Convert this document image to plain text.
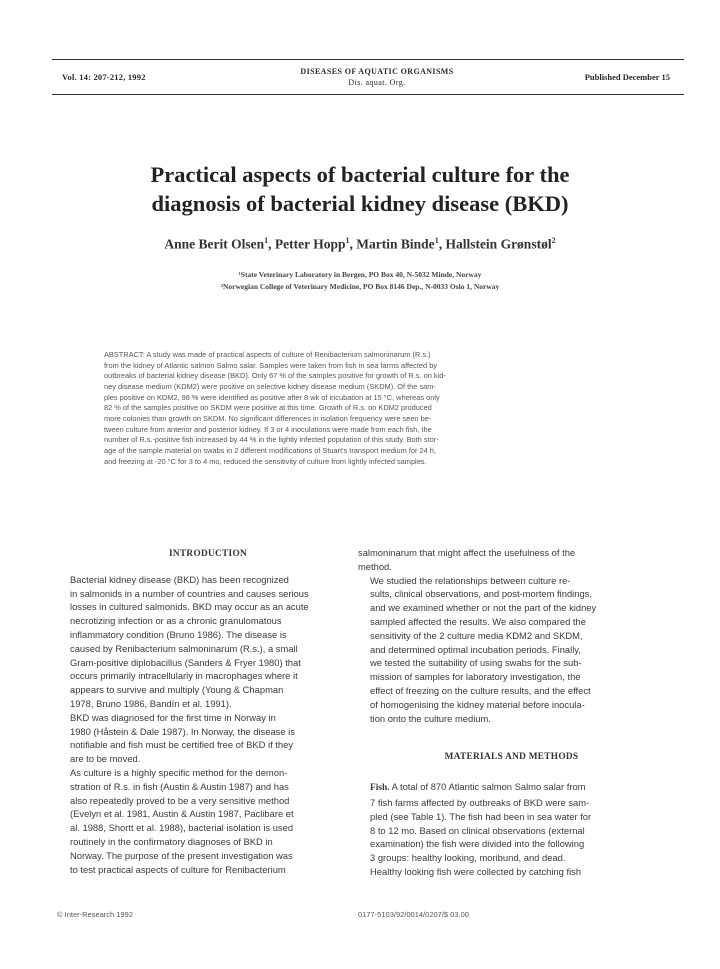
Vol. 14: 207-212, 1992
DISEASES OF AQUATIC ORGANISMS
Dis. aquat. Org.
Published December 15
Practical aspects of bacterial culture for the
diagnosis of bacterial kidney disease (BKD)
Anne Berit Olsen$^1$, Petter Hopp$^1$, Martin Binde$^1$, Hallstein Grønstøl$^2$
¹State Veterinary Laboratory in Bergen, PO Box 40, N-5032 Minde, Norway
²Norwegian College of Veterinary Medicine, PO Box 8146 Dep., N-0033 Oslo 1, Norway
ABSTRACT: A study was made of practical aspects of culture of Renibacterium salmoninarum (R.s.)
from the kidney of Atlantic salmon Salmo salar. Samples were taken from fish in sea farms affected by
outbreaks of bacterial kidney disease (BKD). Only 67 % of the samples positive for growth of R.s. on kid-
ney disease medium (KDM2) were positive on selective kidney disease medium (SKDM). Of the sam-
ples positive on KDM2, 98 % were identified as positive after 8 wk of incubation at 15 °C, whereas only
82 % of the samples positive on SKDM were positive at this time. Growth of R.s. on KDM2 produced
more colonies than growth on SKDM. No significant differences in isolation frequency were seen be-
tween culture from anterior and posterior kidney. If 3 or 4 inoculations were made from each fish, the
number of R.s.-positive fish increased by 44 % in the lightly infected population of this study. Both stor-
age of the sample material on swabs in 2 different modifications of Stuart's transport medium for 24 h,
and freezing at -20 °C for 3 to 4 mo, reduced the sensitivity of culture from lightly infected samples.
INTRODUCTION
Bacterial kidney disease (BKD) has been recognized
in salmonids in a number of countries and causes serious
losses in cultured salmonids. BKD may occur as an acute
necrotizing infection or as a chronic granulomatous
inflammatory condition (Bruno 1986). The disease is
caused by Renibacterium salmoninarum (R.s.), a small
Gram-positive diplobacillus (Sanders & Fryer 1980) that
occurs primarily intracellularly in macrophages where it
appears to survive and multiply (Young & Chapman
1978, Bruno 1986, Bandín et al. 1991).
BKD was diagnosed for the first time in Norway in
1980 (Håstein & Dale 1987). In Norway, the disease is
notifiable and fish must be certified free of BKD if they
are to be moved.
As culture is a highly specific method for the demon-
stration of R.s. in fish (Austin & Austin 1987) and has
also repeatedly proved to be a very sensitive method
(Evelyn et al. 1981, Austin & Austin 1987, Paclibare et
al. 1988, Shortt et al. 1988), bacterial isolation is used
routinely in the confirmatory diagnoses of BKD in
Norway. The purpose of the present investigation was
to test practical aspects of culture for Renibacterium
salmoninarum that might affect the usefulness of the
method.
We studied the relationships between culture re-
sults, clinical observations, and post-mortem findings,
and we examined whether or not the part of the kidney
sampled affected the results. We also compared the
sensitivity of the 2 culture media KDM2 and SKDM,
and determined optimal incubation periods. Finally,
we tested the suitability of using swabs for the sub-
mission of samples for laboratory investigation, the
effect of freezing on the culture results, and the effect
of homogenising the kidney material before inocula-
tion onto the culture medium.
MATERIALS AND METHODS
Fish. A total of 870 Atlantic salmon Salmo salar from
7 fish farms affected by outbreaks of BKD were sam-
pled (see Table 1). The fish had been in sea water for
8 to 12 mo. Based on clinical observations (external
examination) the fish were divided into the following
3 groups: healthy looking, moribund, and dead.
Healthy looking fish were collected by catching fish
© Inter-Research 1992	0177-5103/92/0014/0207/$ 03.00
